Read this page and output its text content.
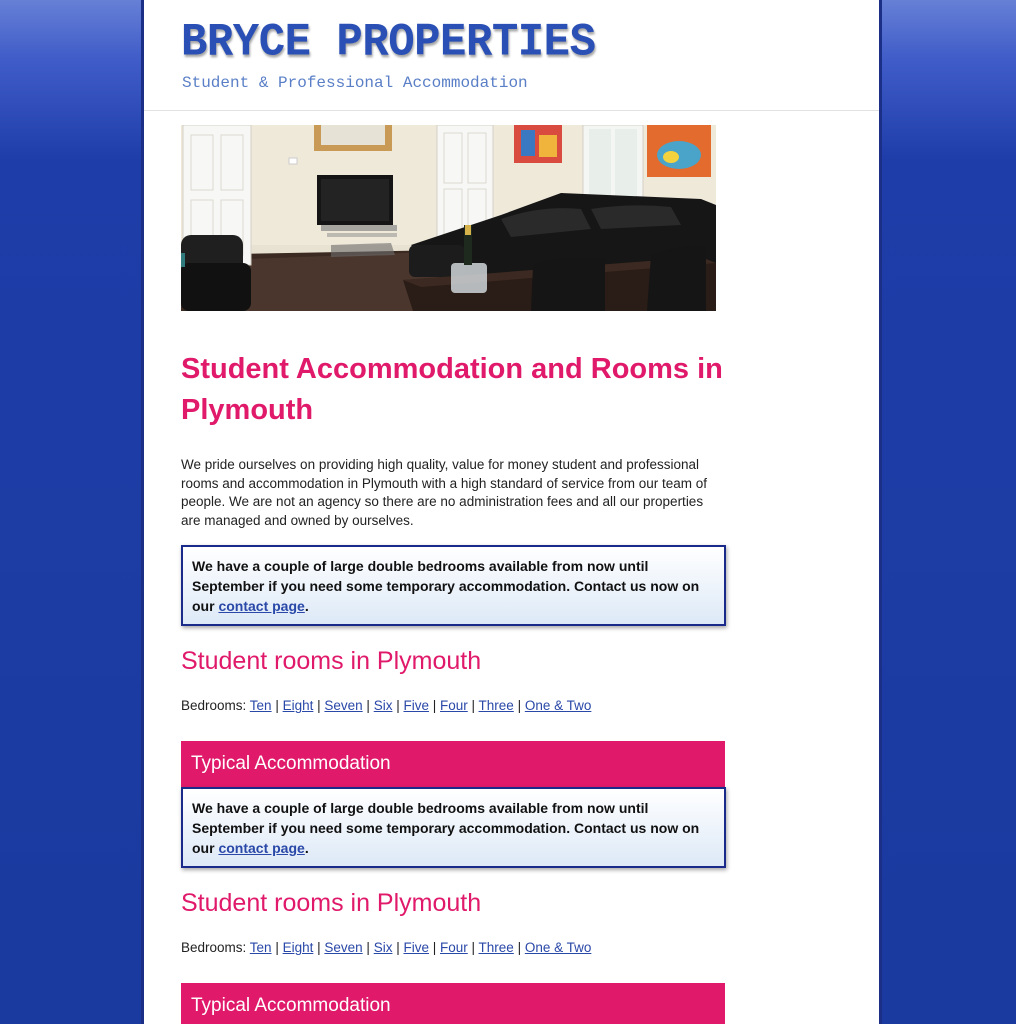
BRYCE PROPERTIES
Student & Professional Accommodation
Student Accommodation and Rooms in Plymouth

We pride ourselves on providing high quality, value for money student and professional rooms and accommodation in Plymouth with a high standard of service from our team of people. We are not an agency so there are no administration fees and all our properties are managed and owned by ourselves.

We have a couple of large double bedrooms available from now until September if you need some temporary accommodation. Contact us now on our contact page.
Student rooms in Plymouth
Bedrooms: Ten | Eight | Seven | Six | Five | Four | Three | One & Two
Typical Accommodation
We have a couple of large double bedrooms available from now until September if you need some temporary accommodation. Contact us now on our contact page.
Student rooms in Plymouth
Bedrooms: Ten | Eight | Seven | Six | Five | Four | Three | One & Two
Typical Accommodation
